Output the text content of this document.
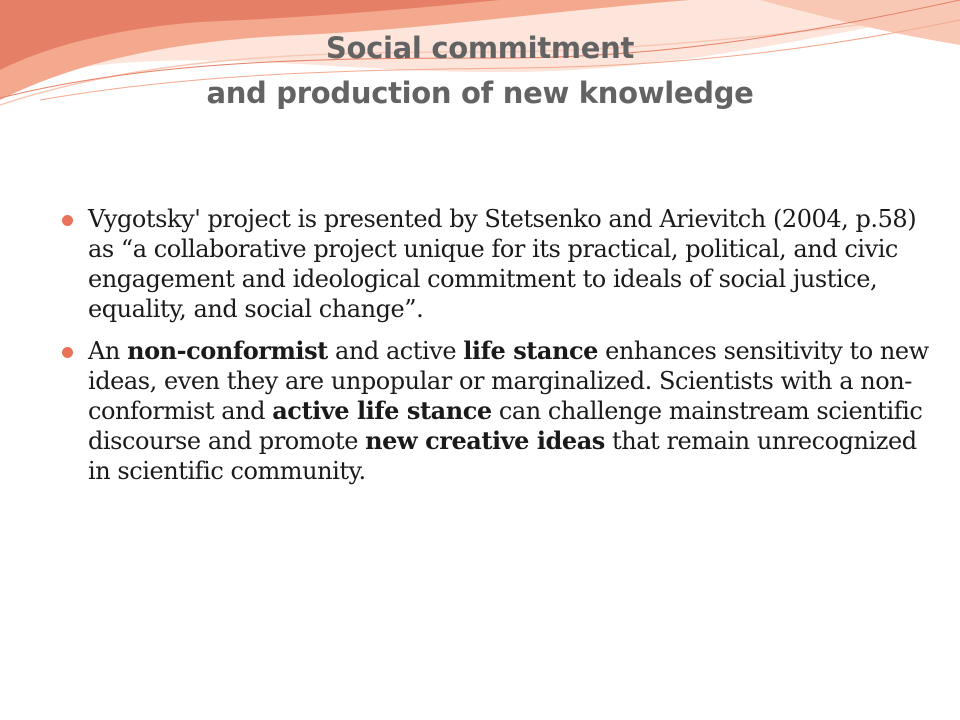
Social commitment
and production of new knowledge

Vygotsky' project is presented by Stetsenko and Arievitch (2004, p.58) as “a collaborative project unique for its practical, political, and civic engagement and ideological commitment to ideals of social justice, equality, and social change”.

An non-conformist and active life stance enhances sensitivity to new ideas, even they are unpopular or marginalized. Scientists with a non-conformist and active life stance can challenge mainstream scientific discourse and promote new creative ideas that remain unrecognized in scientific community.
